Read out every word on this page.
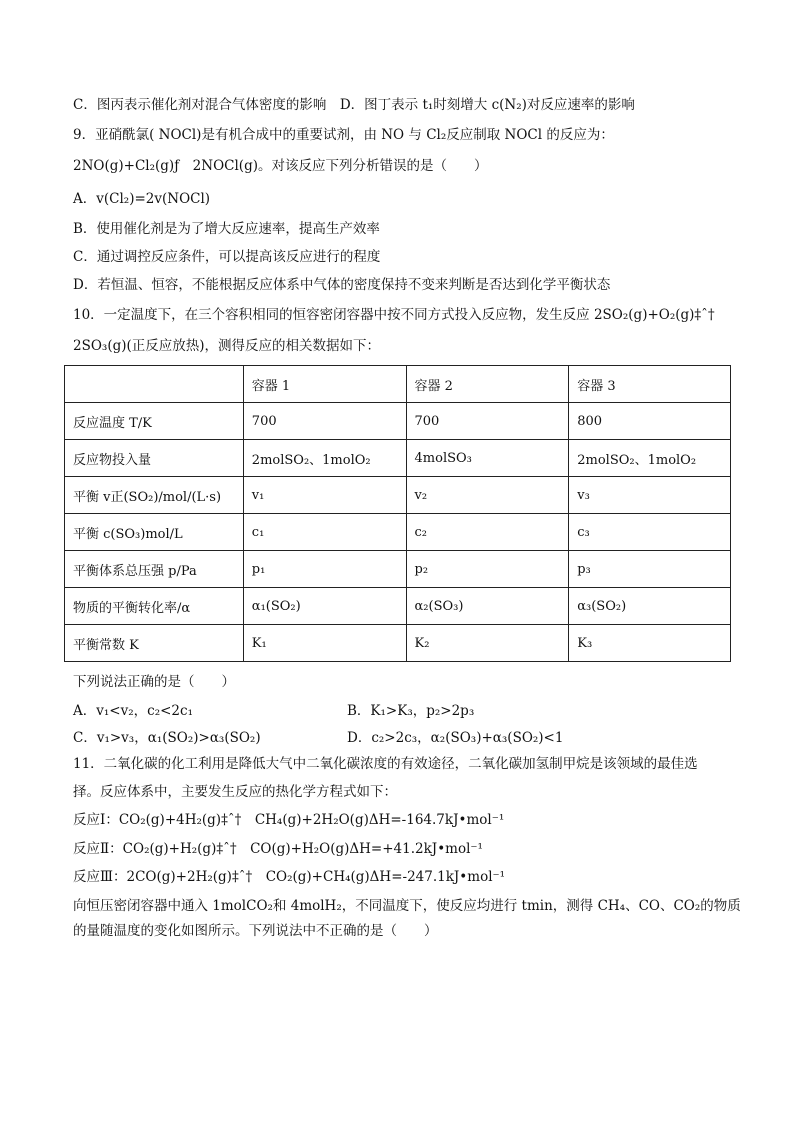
C．图丙表示催化剂对混合气体密度的影响　D．图丁表示 t₁时刻增大 c(N₂)对反应速率的影响
9．亚硝酰氯( NOCl)是有机合成中的重要试剂，由 NO 与 Cl₂反应制取 NOCl 的反应为：
2NO(g)+Cl₂(g)ƒ　2NOCl(g)。对该反应下列分析错误的是（　　）
A．v(Cl₂)=2v(NOCl)
B．使用催化剂是为了增大反应速率，提高生产效率
C．通过调控反应条件，可以提高该反应进行的程度
D．若恒温、恒容，不能根据反应体系中气体的密度保持不变来判断是否达到化学平衡状态
10．一定温度下，在三个容积相同的恒容密闭容器中按不同方式投入反应物，发生反应 2SO₂(g)+O₂(g)‡ˆ†
2SO₃(g)(正反应放热)，测得反应的相关数据如下：
	容器 1	容器 2	容器 3
反应温度 T/K	700	700	800
反应物投入量	2molSO₂、1molO₂	4molSO₃	2molSO₂、1molO₂
平衡 v正(SO₂)/mol/(L·s)	v₁	v₂	v₃
平衡 c(SO₃)mol/L	c₁	c₂	c₃
平衡体系总压强 p/Pa	p₁	p₂	p₃
物质的平衡转化率/α	α₁(SO₂)	α₂(SO₃)	α₃(SO₂)
平衡常数 K	K₁	K₂	K₃
下列说法正确的是（　　）
A．v₁<v₂，c₂<2c₁	B．K₁>K₃，p₂>2p₃
C．v₁>v₃，α₁(SO₂)>α₃(SO₂)	D．c₂>2c₃，α₂(SO₃)+α₃(SO₂)<1
11．二氧化碳的化工利用是降低大气中二氧化碳浓度的有效途径，二氧化碳加氢制甲烷是该领域的最佳选
择。反应体系中，主要发生反应的热化学方程式如下：
反应Ⅰ：CO₂(g)+4H₂(g)‡ˆ†　CH₄(g)+2H₂O(g)ΔH=-164.7kJ•mol⁻¹
反应Ⅱ：CO₂(g)+H₂(g)‡ˆ†　CO(g)+H₂O(g)ΔH=+41.2kJ•mol⁻¹
反应Ⅲ：2CO(g)+2H₂(g)‡ˆ†　CO₂(g)+CH₄(g)ΔH=-247.1kJ•mol⁻¹
向恒压密闭容器中通入 1molCO₂和 4molH₂，不同温度下，使反应均进行 tmin，测得 CH₄、CO、CO₂的物质
的量随温度的变化如图所示。下列说法中不正确的是（　　）
